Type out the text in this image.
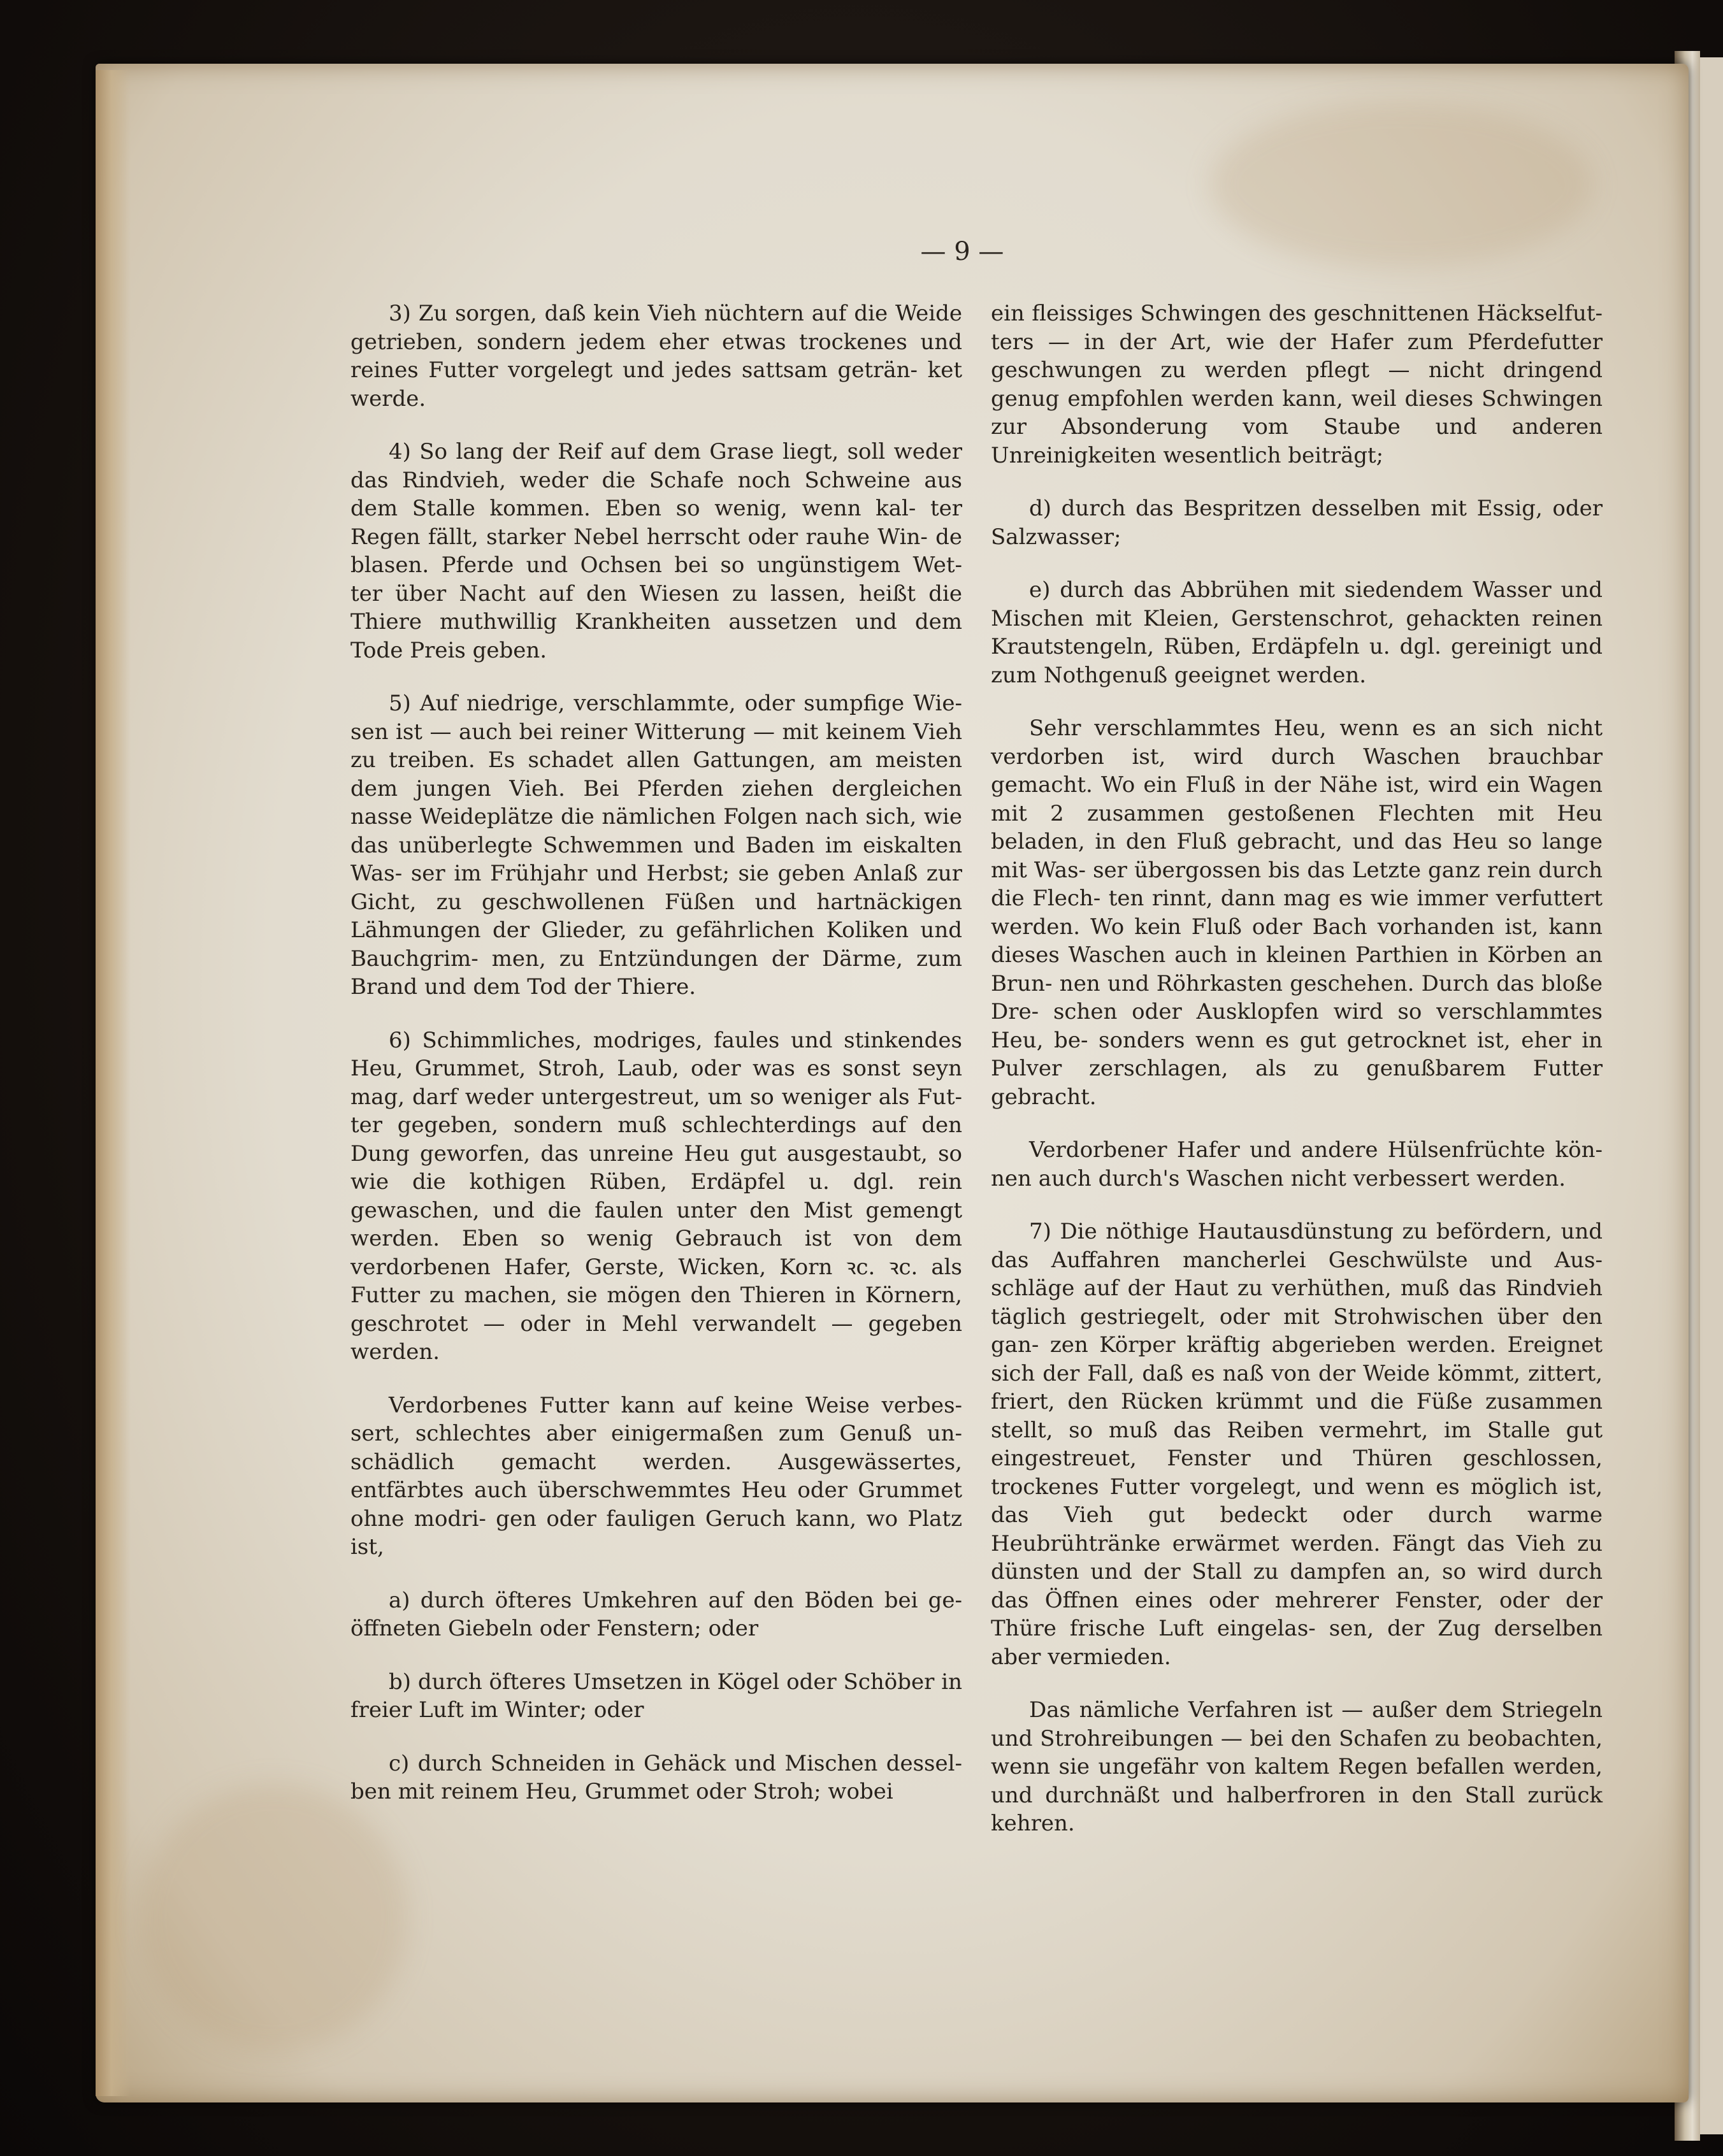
— 9 —

3) Zu sorgen, daß kein Vieh nüchtern auf die Weide getrieben, sondern jedem eher etwas trockenes und reines Futter vorgelegt und jedes sattsam geträn- ket werde.

4) So lang der Reif auf dem Grase liegt, soll weder das Rindvieh, weder die Schafe noch Schweine aus dem Stalle kommen. Eben so wenig, wenn kal- ter Regen fällt, starker Nebel herrscht oder rauhe Win- de blasen. Pferde und Ochsen bei so ungünstigem Wet- ter über Nacht auf den Wiesen zu lassen, heißt die Thiere muthwillig Krankheiten aussetzen und dem Tode Preis geben.

5) Auf niedrige, verschlammte, oder sumpfige Wie- sen ist — auch bei reiner Witterung — mit keinem Vieh zu treiben. Es schadet allen Gattungen, am meisten dem jungen Vieh. Bei Pferden ziehen dergleichen nasse Weideplätze die nämlichen Folgen nach sich, wie das unüberlegte Schwemmen und Baden im eiskalten Was- ser im Frühjahr und Herbst; sie geben Anlaß zur Gicht, zu geschwollenen Füßen und hartnäckigen Lähmungen der Glieder, zu gefährlichen Koliken und Bauchgrim- men, zu Entzündungen der Därme, zum Brand und dem Tod der Thiere.

6) Schimmliches, modriges, faules und stinkendes Heu, Grummet, Stroh, Laub, oder was es sonst seyn mag, darf weder untergestreut, um so weniger als Fut- ter gegeben, sondern muß schlechterdings auf den Dung geworfen, das unreine Heu gut ausgestaubt, so wie die kothigen Rüben, Erdäpfel u. dgl. rein gewaschen, und die faulen unter den Mist gemengt werden. Eben so wenig Gebrauch ist von dem verdorbenen Hafer, Gerste, Wicken, Korn ꝛc. ꝛc. als Futter zu machen, sie mögen den Thieren in Körnern, geschrotet — oder in Mehl verwandelt — gegeben werden.

Verdorbenes Futter kann auf keine Weise verbes- sert, schlechtes aber einigermaßen zum Genuß un- schädlich gemacht werden. Ausgewässertes, entfärbtes auch überschwemmtes Heu oder Grummet ohne modri- gen oder fauligen Geruch kann, wo Platz ist,

a) durch öfteres Umkehren auf den Böden bei ge- öffneten Giebeln oder Fenstern; oder

b) durch öfteres Umsetzen in Kögel oder Schöber in freier Luft im Winter; oder

c) durch Schneiden in Gehäck und Mischen dessel- ben mit reinem Heu, Grummet oder Stroh; wobei

ein fleissiges Schwingen des geschnittenen Häckselfut- ters — in der Art, wie der Hafer zum Pferdefutter geschwungen zu werden pflegt — nicht dringend genug empfohlen werden kann, weil dieses Schwingen zur Absonderung vom Staube und anderen Unreinigkeiten wesentlich beiträgt;

d) durch das Bespritzen desselben mit Essig, oder Salzwasser;

e) durch das Abbrühen mit siedendem Wasser und Mischen mit Kleien, Gerstenschrot, gehackten reinen Krautstengeln, Rüben, Erdäpfeln u. dgl. gereinigt und zum Nothgenuß geeignet werden.

Sehr verschlammtes Heu, wenn es an sich nicht verdorben ist, wird durch Waschen brauchbar gemacht. Wo ein Fluß in der Nähe ist, wird ein Wagen mit 2 zusammen gestoßenen Flechten mit Heu beladen, in den Fluß gebracht, und das Heu so lange mit Was- ser übergossen bis das Letzte ganz rein durch die Flech- ten rinnt, dann mag es wie immer verfuttert werden. Wo kein Fluß oder Bach vorhanden ist, kann dieses Waschen auch in kleinen Parthien in Körben an Brun- nen und Röhrkasten geschehen. Durch das bloße Dre- schen oder Ausklopfen wird so verschlammtes Heu, be- sonders wenn es gut getrocknet ist, eher in Pulver zerschlagen, als zu genußbarem Futter gebracht.

Verdorbener Hafer und andere Hülsenfrüchte kön- nen auch durch's Waschen nicht verbessert werden.

7) Die nöthige Hautausdünstung zu befördern, und das Auffahren mancherlei Geschwülste und Aus- schläge auf der Haut zu verhüthen, muß das Rindvieh täglich gestriegelt, oder mit Strohwischen über den gan- zen Körper kräftig abgerieben werden. Ereignet sich der Fall, daß es naß von der Weide kömmt, zittert, friert, den Rücken krümmt und die Füße zusammen stellt, so muß das Reiben vermehrt, im Stalle gut eingestreuet, Fenster und Thüren geschlossen, trockenes Futter vorgelegt, und wenn es möglich ist, das Vieh gut bedeckt oder durch warme Heubrühtränke erwärmet werden. Fängt das Vieh zu dünsten und der Stall zu dampfen an, so wird durch das Öffnen eines oder mehrerer Fenster, oder der Thüre frische Luft eingelas- sen, der Zug derselben aber vermieden.

Das nämliche Verfahren ist — außer dem Striegeln und Strohreibungen — bei den Schafen zu beobachten, wenn sie ungefähr von kaltem Regen befallen werden, und durchnäßt und halberfroren in den Stall zurück kehren.
